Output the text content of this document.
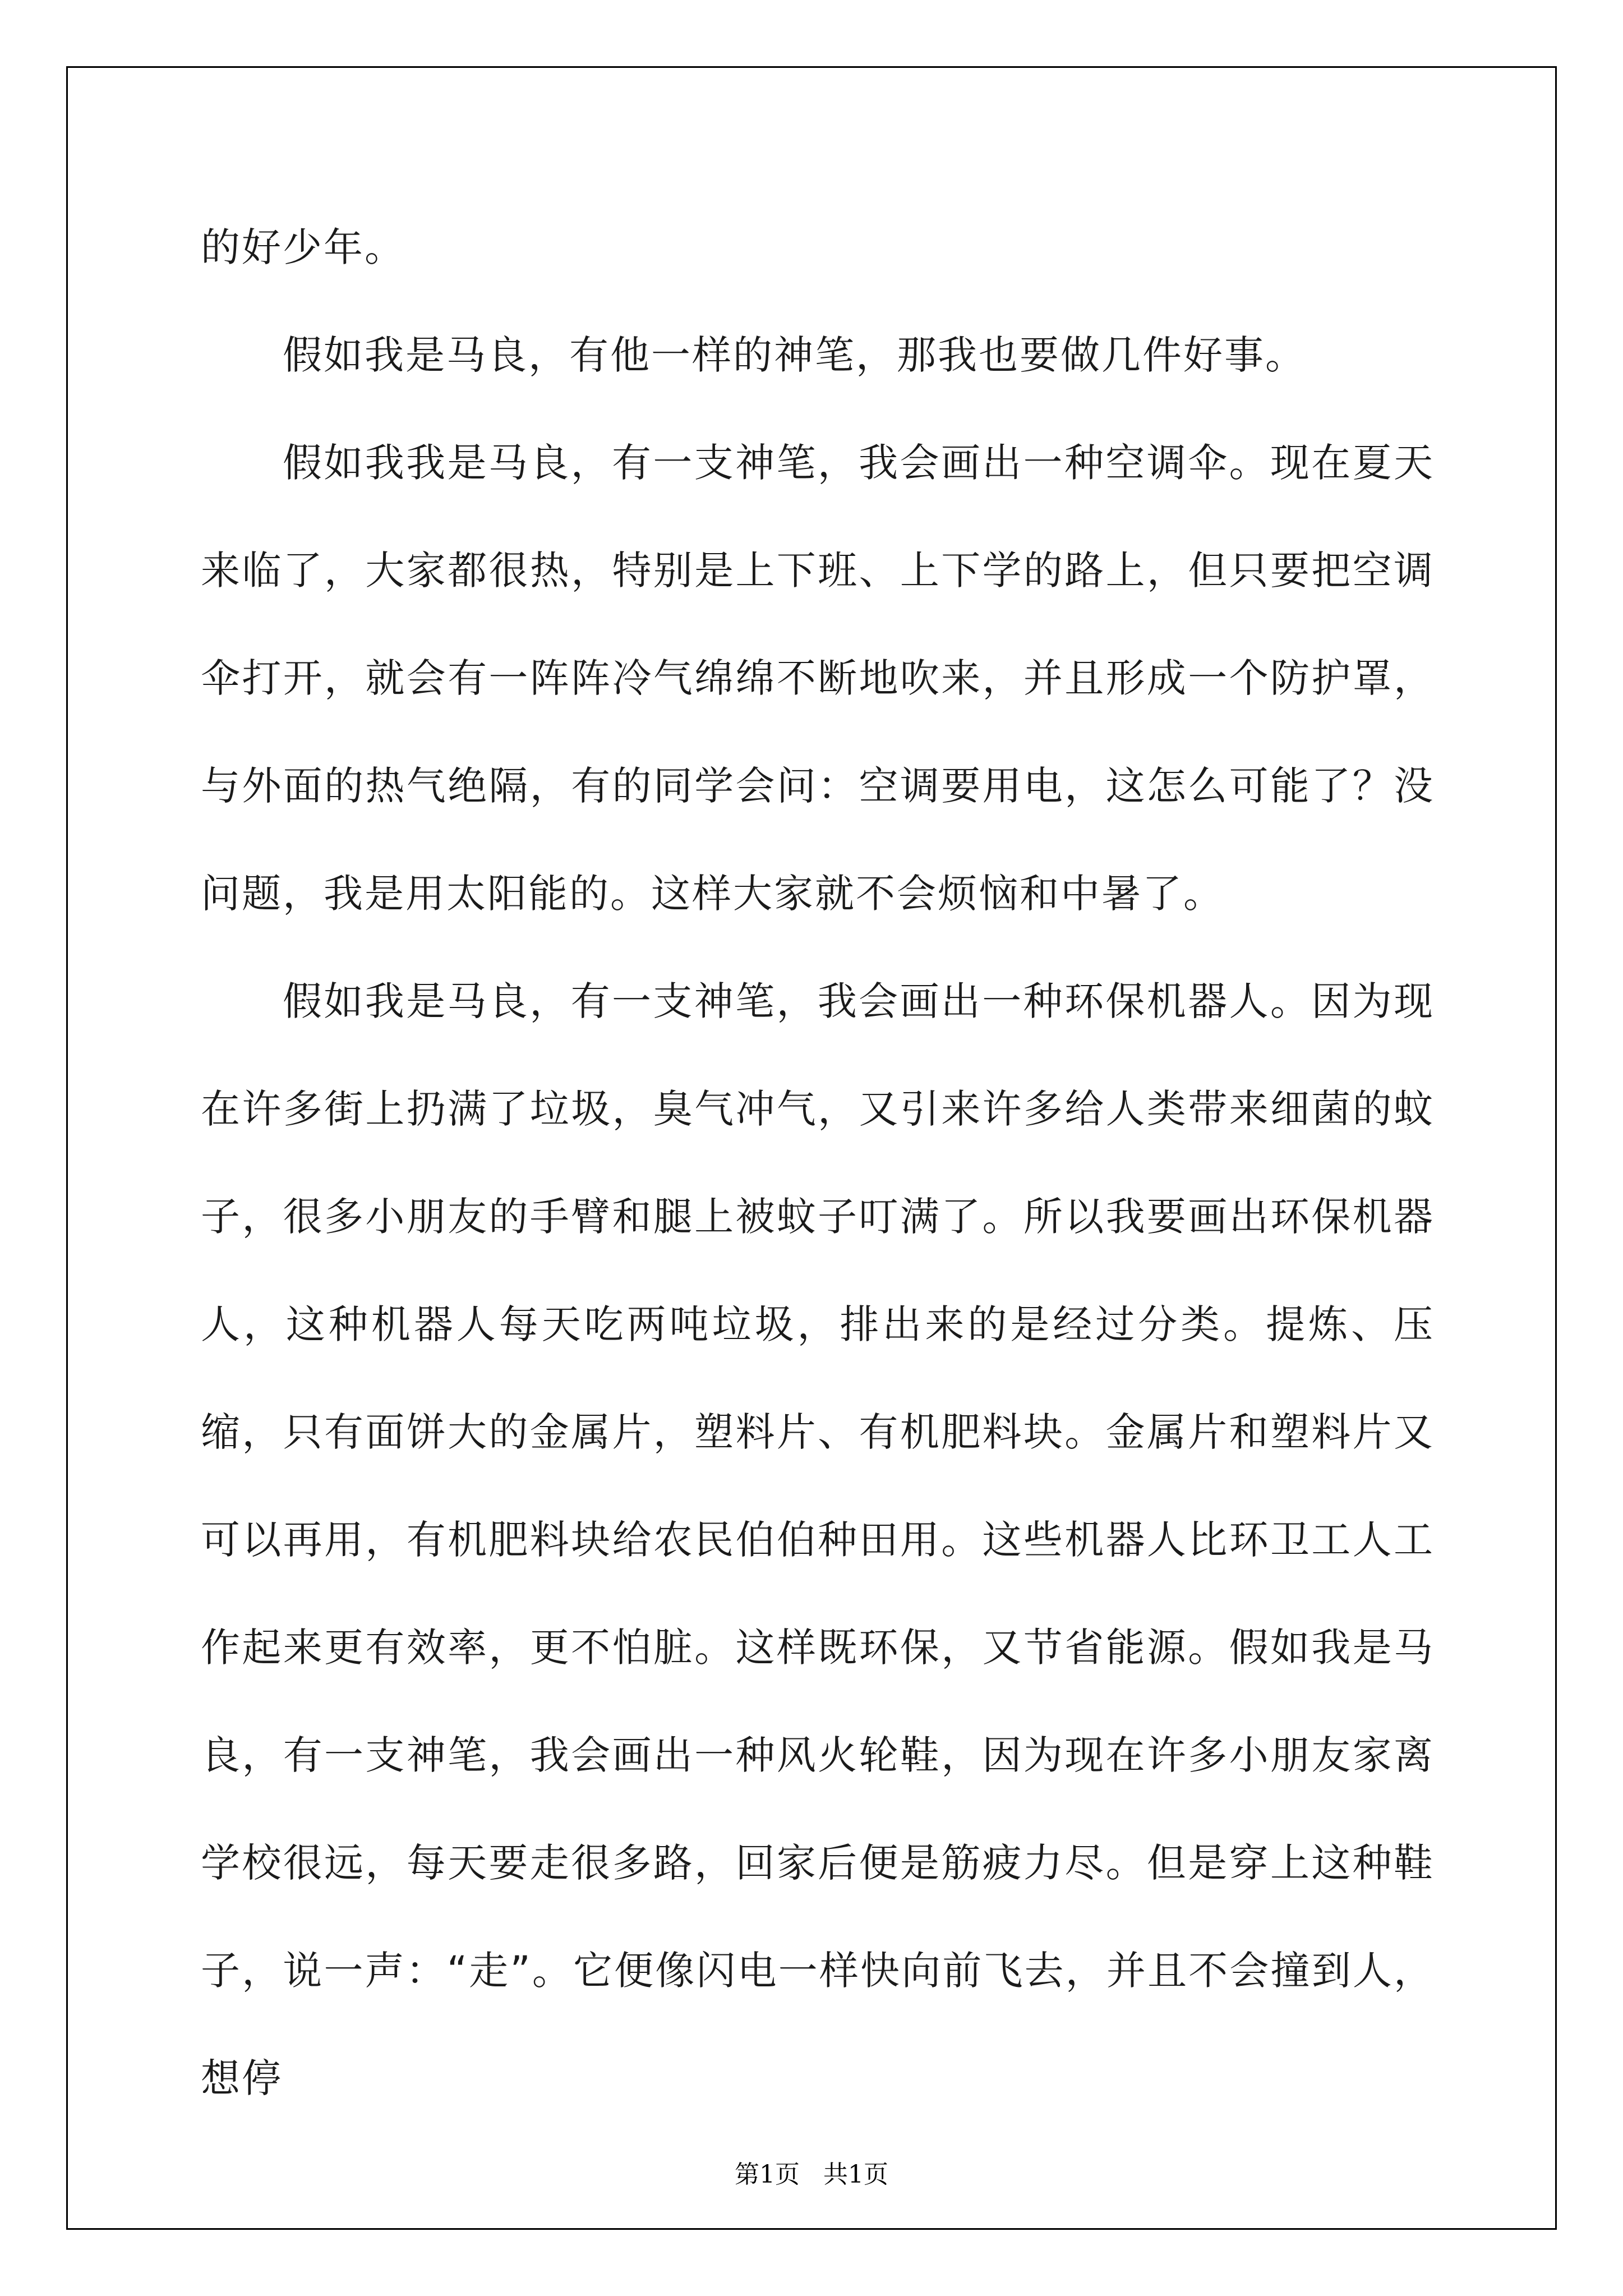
的好少年。

假如我是马良，有他一样的神笔，那我也要做几件好事。

假如我我是马良，有一支神笔，我会画出一种空调伞。现在夏天来临了，大家都很热，特别是上下班、上下学的路上，但只要把空调伞打开，就会有一阵阵冷气绵绵不断地吹来，并且形成一个防护罩，与外面的热气绝隔，有的同学会问：空调要用电，这怎么可能了？没问题，我是用太阳能的。这样大家就不会烦恼和中暑了。

假如我是马良，有一支神笔，我会画出一种环保机器人。因为现在许多街上扔满了垃圾，臭气冲气，又引来许多给人类带来细菌的蚊子，很多小朋友的手臂和腿上被蚊子叮满了。所以我要画出环保机器人，这种机器人每天吃两吨垃圾，排出来的是经过分类。提炼、压缩，只有面饼大的金属片，塑料片、有机肥料块。金属片和塑料片又可以再用，有机肥料块给农民伯伯种田用。这些机器人比环卫工人工作起来更有效率，更不怕脏。这样既环保，又节省能源。假如我是马良，有一支神笔，我会画出一种风火轮鞋，因为现在许多小朋友家离学校很远，每天要走很多路，回家后便是筋疲力尽。但是穿上这种鞋子，说一声：“走”。它便像闪电一样快向前飞去，并且不会撞到人，想停

第1页   共1页
